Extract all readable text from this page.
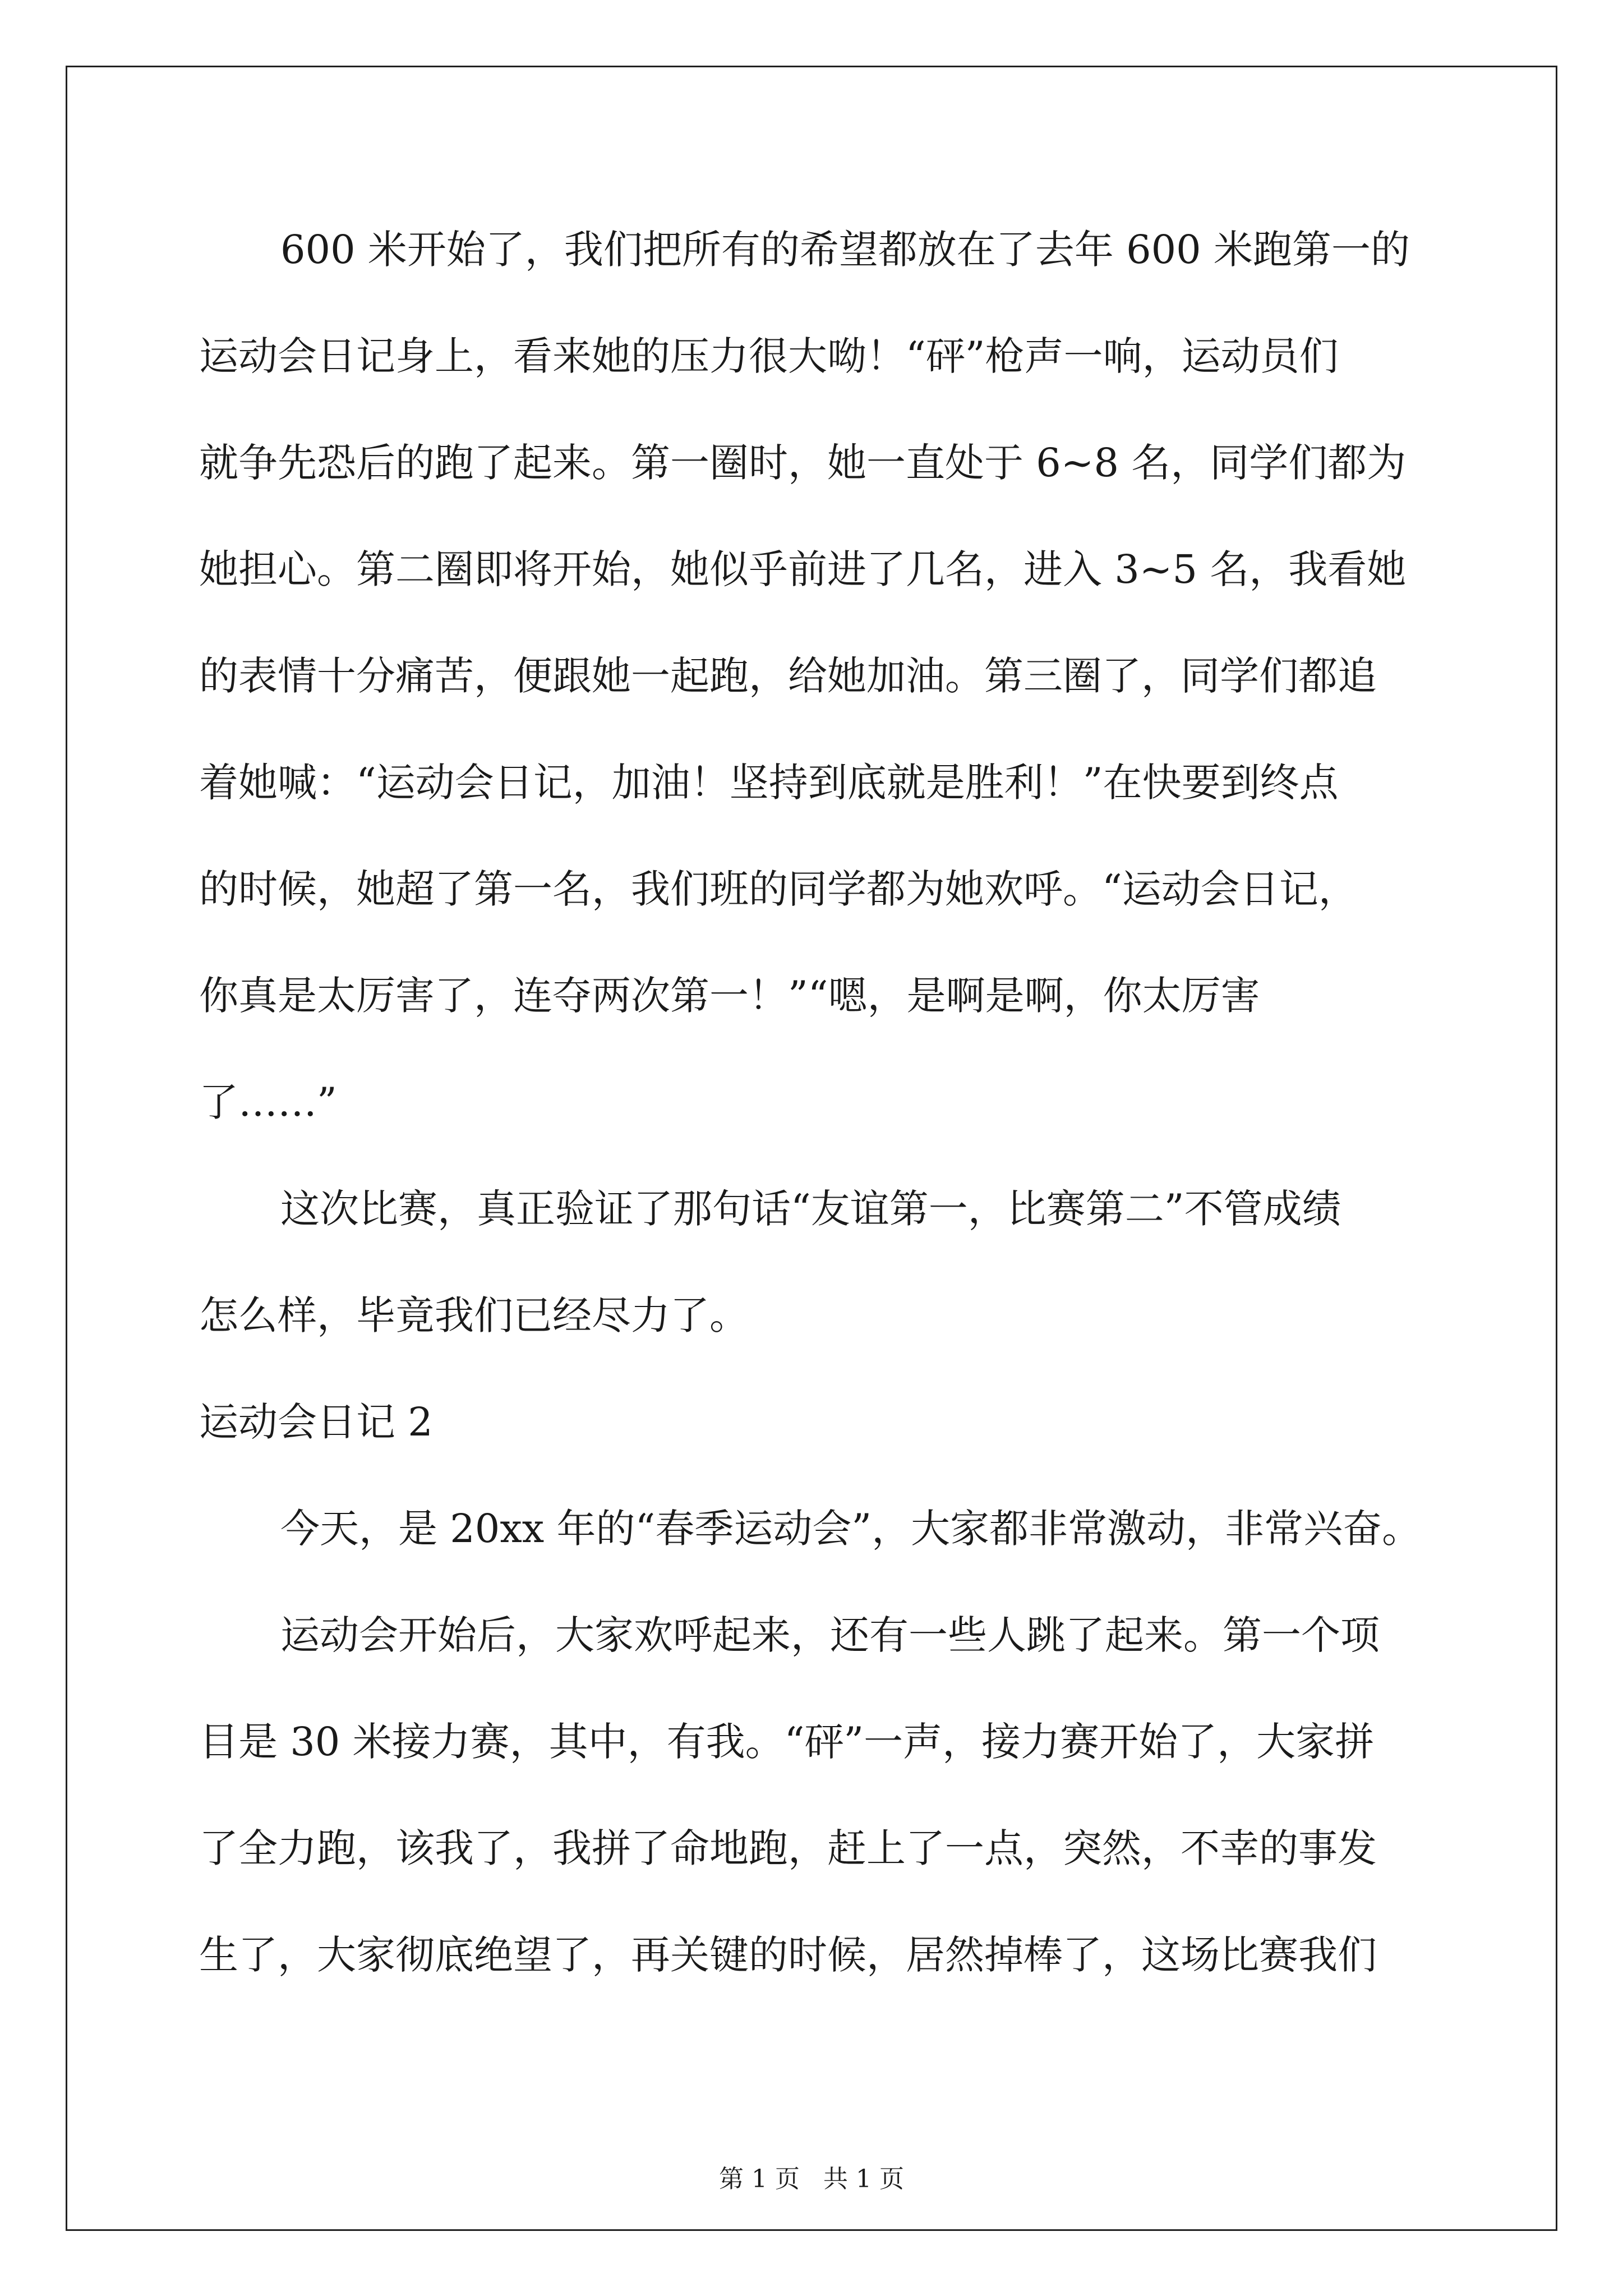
600 米开始了，我们把所有的希望都放在了去年 600 米跑第一的
运动会日记身上，看来她的压力很大呦！“砰”枪声一响，运动员们
就争先恐后的跑了起来。第一圈时，她一直处于 6~8 名，同学们都为
她担心。第二圈即将开始，她似乎前进了几名，进入 3~5 名，我看她
的表情十分痛苦，便跟她一起跑，给她加油。第三圈了，同学们都追
着她喊：“运动会日记，加油！坚持到底就是胜利！”在快要到终点
的时候，她超了第一名，我们班的同学都为她欢呼。“运动会日记，
你真是太厉害了，连夺两次第一！”“嗯，是啊是啊，你太厉害
了……”
这次比赛，真正验证了那句话“友谊第一，比赛第二”不管成绩
怎么样，毕竟我们已经尽力了。
运动会日记 2
今天，是 20xx 年的“春季运动会”，大家都非常激动，非常兴奋。
运动会开始后，大家欢呼起来，还有一些人跳了起来。第一个项
目是 30 米接力赛，其中，有我。“砰”一声，接力赛开始了，大家拼
了全力跑，该我了，我拼了命地跑，赶上了一点，突然，不幸的事发
生了，大家彻底绝望了，再关键的时候，居然掉棒了，这场比赛我们
第 1 页   共 1 页
